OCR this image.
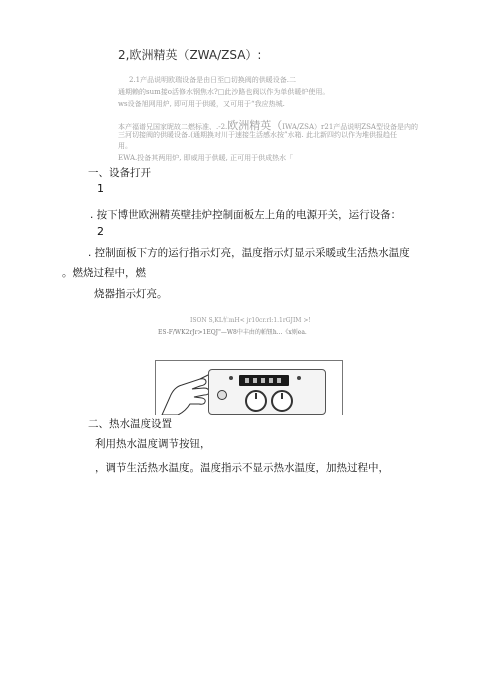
2,欧洲精英（ZWA/ZSA）:
2.1产品说明欧瑞设备是由日至□切换阀的供暖设备.二
通期赖的sum接o活修水钢焦水?□此沙路也阀以作为单供暖炉使用。
ws设备旭网用炉, 即可用于供暖，又可用于“我应热城.
本产福谱兄国家昵故二燃标准、.-2.欧洲精英（IWA/ZSA）r21产品说明ZSA型设备是内的
三河切接阀的供暖设备.(通期换对川于速接生活感水按”水箱. 此北新四约以作为堆供报趋任
用。
EWA.投备其两用炉, 即威用于供暖, 正可用于供成热水「
一、设备打开
1
. 按下博世欧洲精英壁挂炉控制面板左上角的电源开关，运行设备：
2
. 控制面板下方的运行指示灯亮，温度指示灯显示采暖或生活热水温度
。燃烧过程中，燃
烧器指示灯亮。
ISON S,KL忙mH< jr10cr.rl:1.1rGJIM >!
ES-F/WK2rJr>1EQJ"—W8中丰由的帕钮h...《x则ea.
二、热水温度设置
利用热水温度调节按钮，
，调节生活热水温度。温度指示不显示热水温度，加热过程中，
